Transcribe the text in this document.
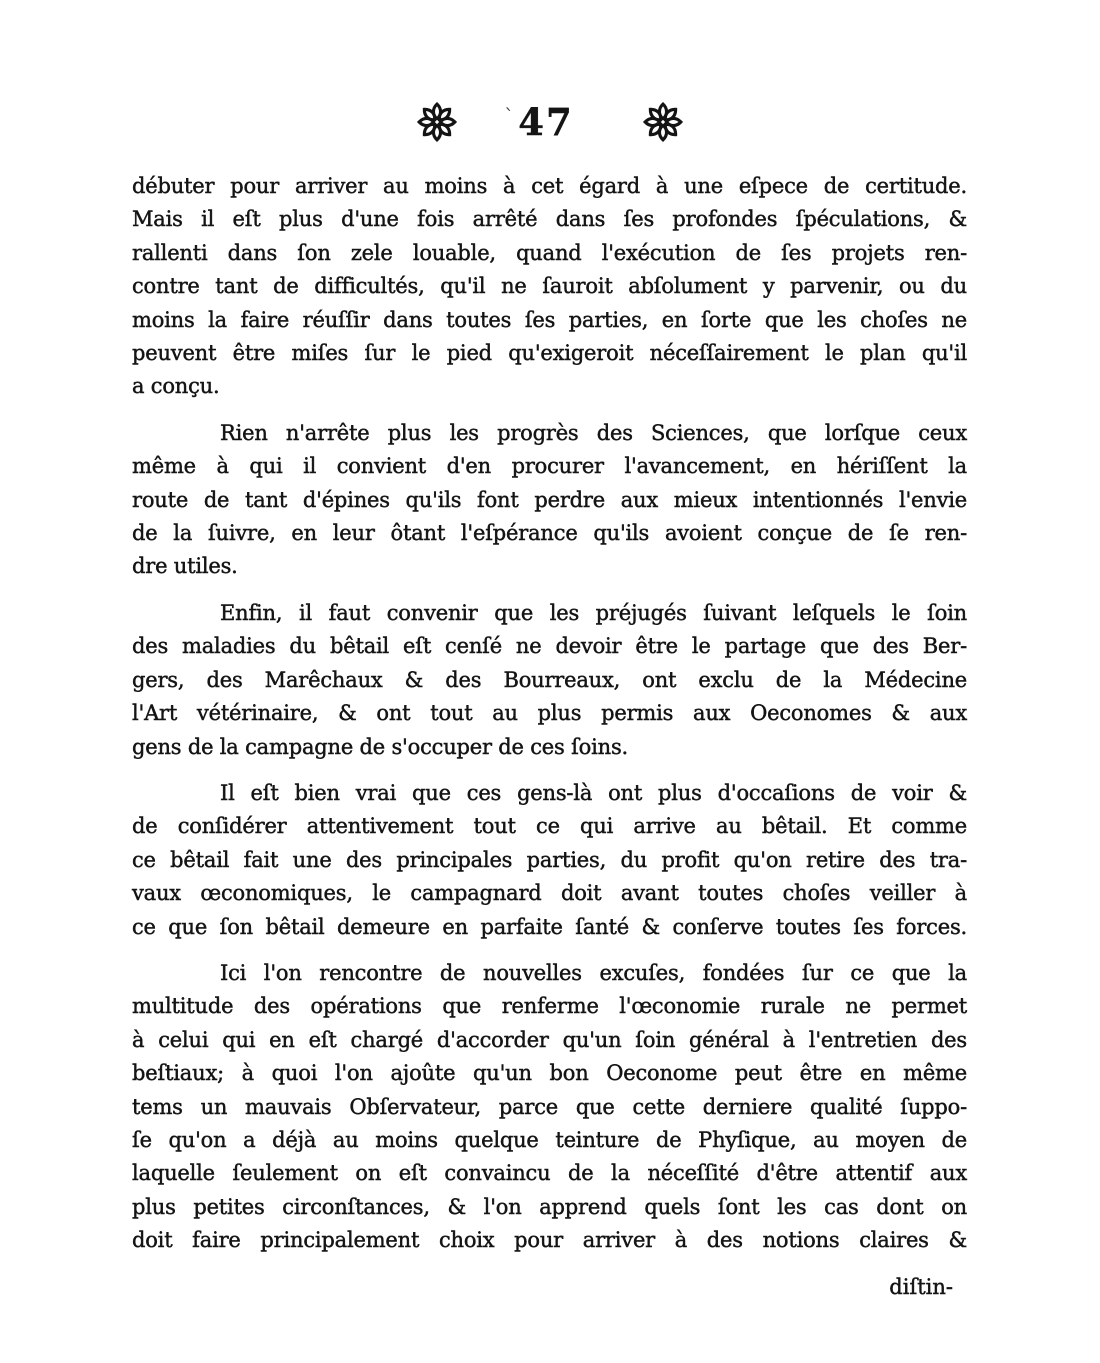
ˋ 47
débuter pour arriver au moins à cet égard à une eſpece de certitude.
Mais il eſt plus d'une fois arrêté dans ſes profondes ſpéculations, &
rallenti dans ſon zele louable, quand l'exécution de ſes projets ren-
contre tant de difficultés, qu'il ne ſauroit abſolument y parvenir, ou du
moins la faire réuſſir dans toutes ſes parties, en ſorte que les choſes ne
peuvent être miſes ſur le pied qu'exigeroit néceſſairement le plan qu'il
a conçu.
Rien n'arrête plus les progrès des Sciences, que lorſque ceux
même à qui il convient d'en procurer l'avancement, en hériſſent la
route de tant d'épines qu'ils font perdre aux mieux intentionnés l'envie
de la ſuivre, en leur ôtant l'eſpérance qu'ils avoient conçue de ſe ren-
dre utiles.
Enfin, il faut convenir que les préjugés ſuivant leſquels le ſoin
des maladies du bêtail eſt cenſé ne devoir être le partage que des Ber-
gers, des Marêchaux & des Bourreaux, ont exclu de la Médecine
l'Art vétérinaire, & ont tout au plus permis aux Oeconomes & aux
gens de la campagne de s'occuper de ces ſoins.
Il eſt bien vrai que ces gens-là ont plus d'occaſions de voir &
de conſidérer attentivement tout ce qui arrive au bêtail. Et comme
ce bêtail fait une des principales parties, du profit qu'on retire des tra-
vaux œconomiques, le campagnard doit avant toutes choſes veiller à
ce que ſon bêtail demeure en parfaite ſanté & conſerve toutes ſes forces.
Ici l'on rencontre de nouvelles excuſes, fondées ſur ce que la
multitude des opérations que renferme l'œconomie rurale ne permet
à celui qui en eſt chargé d'accorder qu'un ſoin général à l'entretien des
beſtiaux; à quoi l'on ajoûte qu'un bon Oeconome peut être en même
tems un mauvais Obſervateur, parce que cette derniere qualité ſuppo-
ſe qu'on a déjà au moins quelque teinture de Phyſique, au moyen de
laquelle ſeulement on eſt convaincu de la néceſſité d'être attentif aux
plus petites circonſtances, & l'on apprend quels ſont les cas dont on
doit faire principalement choix pour arriver à des notions claires &
diſtin-
